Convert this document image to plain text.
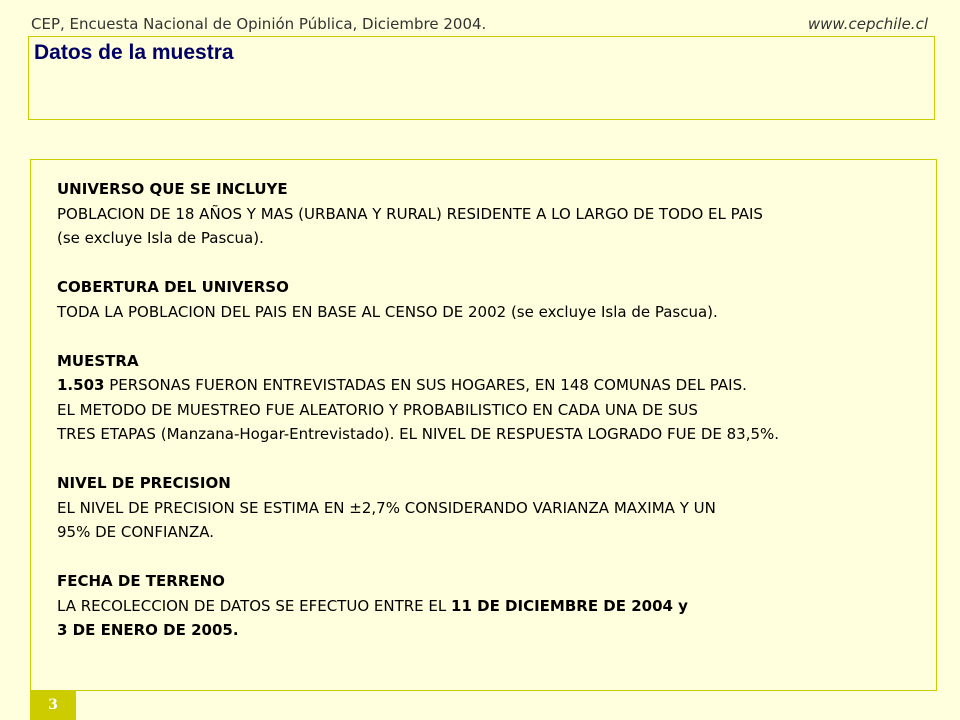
CEP, Encuesta Nacional de Opinión Pública, Diciembre 2004.	www.cepchile.cl
Datos de la muestra

UNIVERSO QUE SE INCLUYE

POBLACION DE 18 AÑOS Y MAS (URBANA Y RURAL) RESIDENTE A LO LARGO DE TODO EL PAIS

(se excluye Isla de Pascua).

COBERTURA DEL UNIVERSO

TODA LA POBLACION DEL PAIS EN BASE AL CENSO DE 2002 (se excluye Isla de Pascua).

MUESTRA

1.503 PERSONAS FUERON ENTREVISTADAS EN SUS HOGARES, EN 148 COMUNAS DEL PAIS.

EL METODO DE MUESTREO FUE ALEATORIO Y PROBABILISTICO EN CADA UNA DE SUS

TRES ETAPAS (Manzana-Hogar-Entrevistado). EL NIVEL DE RESPUESTA LOGRADO FUE DE 83,5%.

NIVEL DE PRECISION

EL NIVEL DE PRECISION SE ESTIMA EN ±2,7% CONSIDERANDO VARIANZA MAXIMA Y UN

95% DE CONFIANZA.

FECHA DE TERRENO

LA RECOLECCION DE DATOS SE EFECTUO ENTRE EL 11 DE DICIEMBRE DE 2004 y

3 DE ENERO DE 2005.

3
